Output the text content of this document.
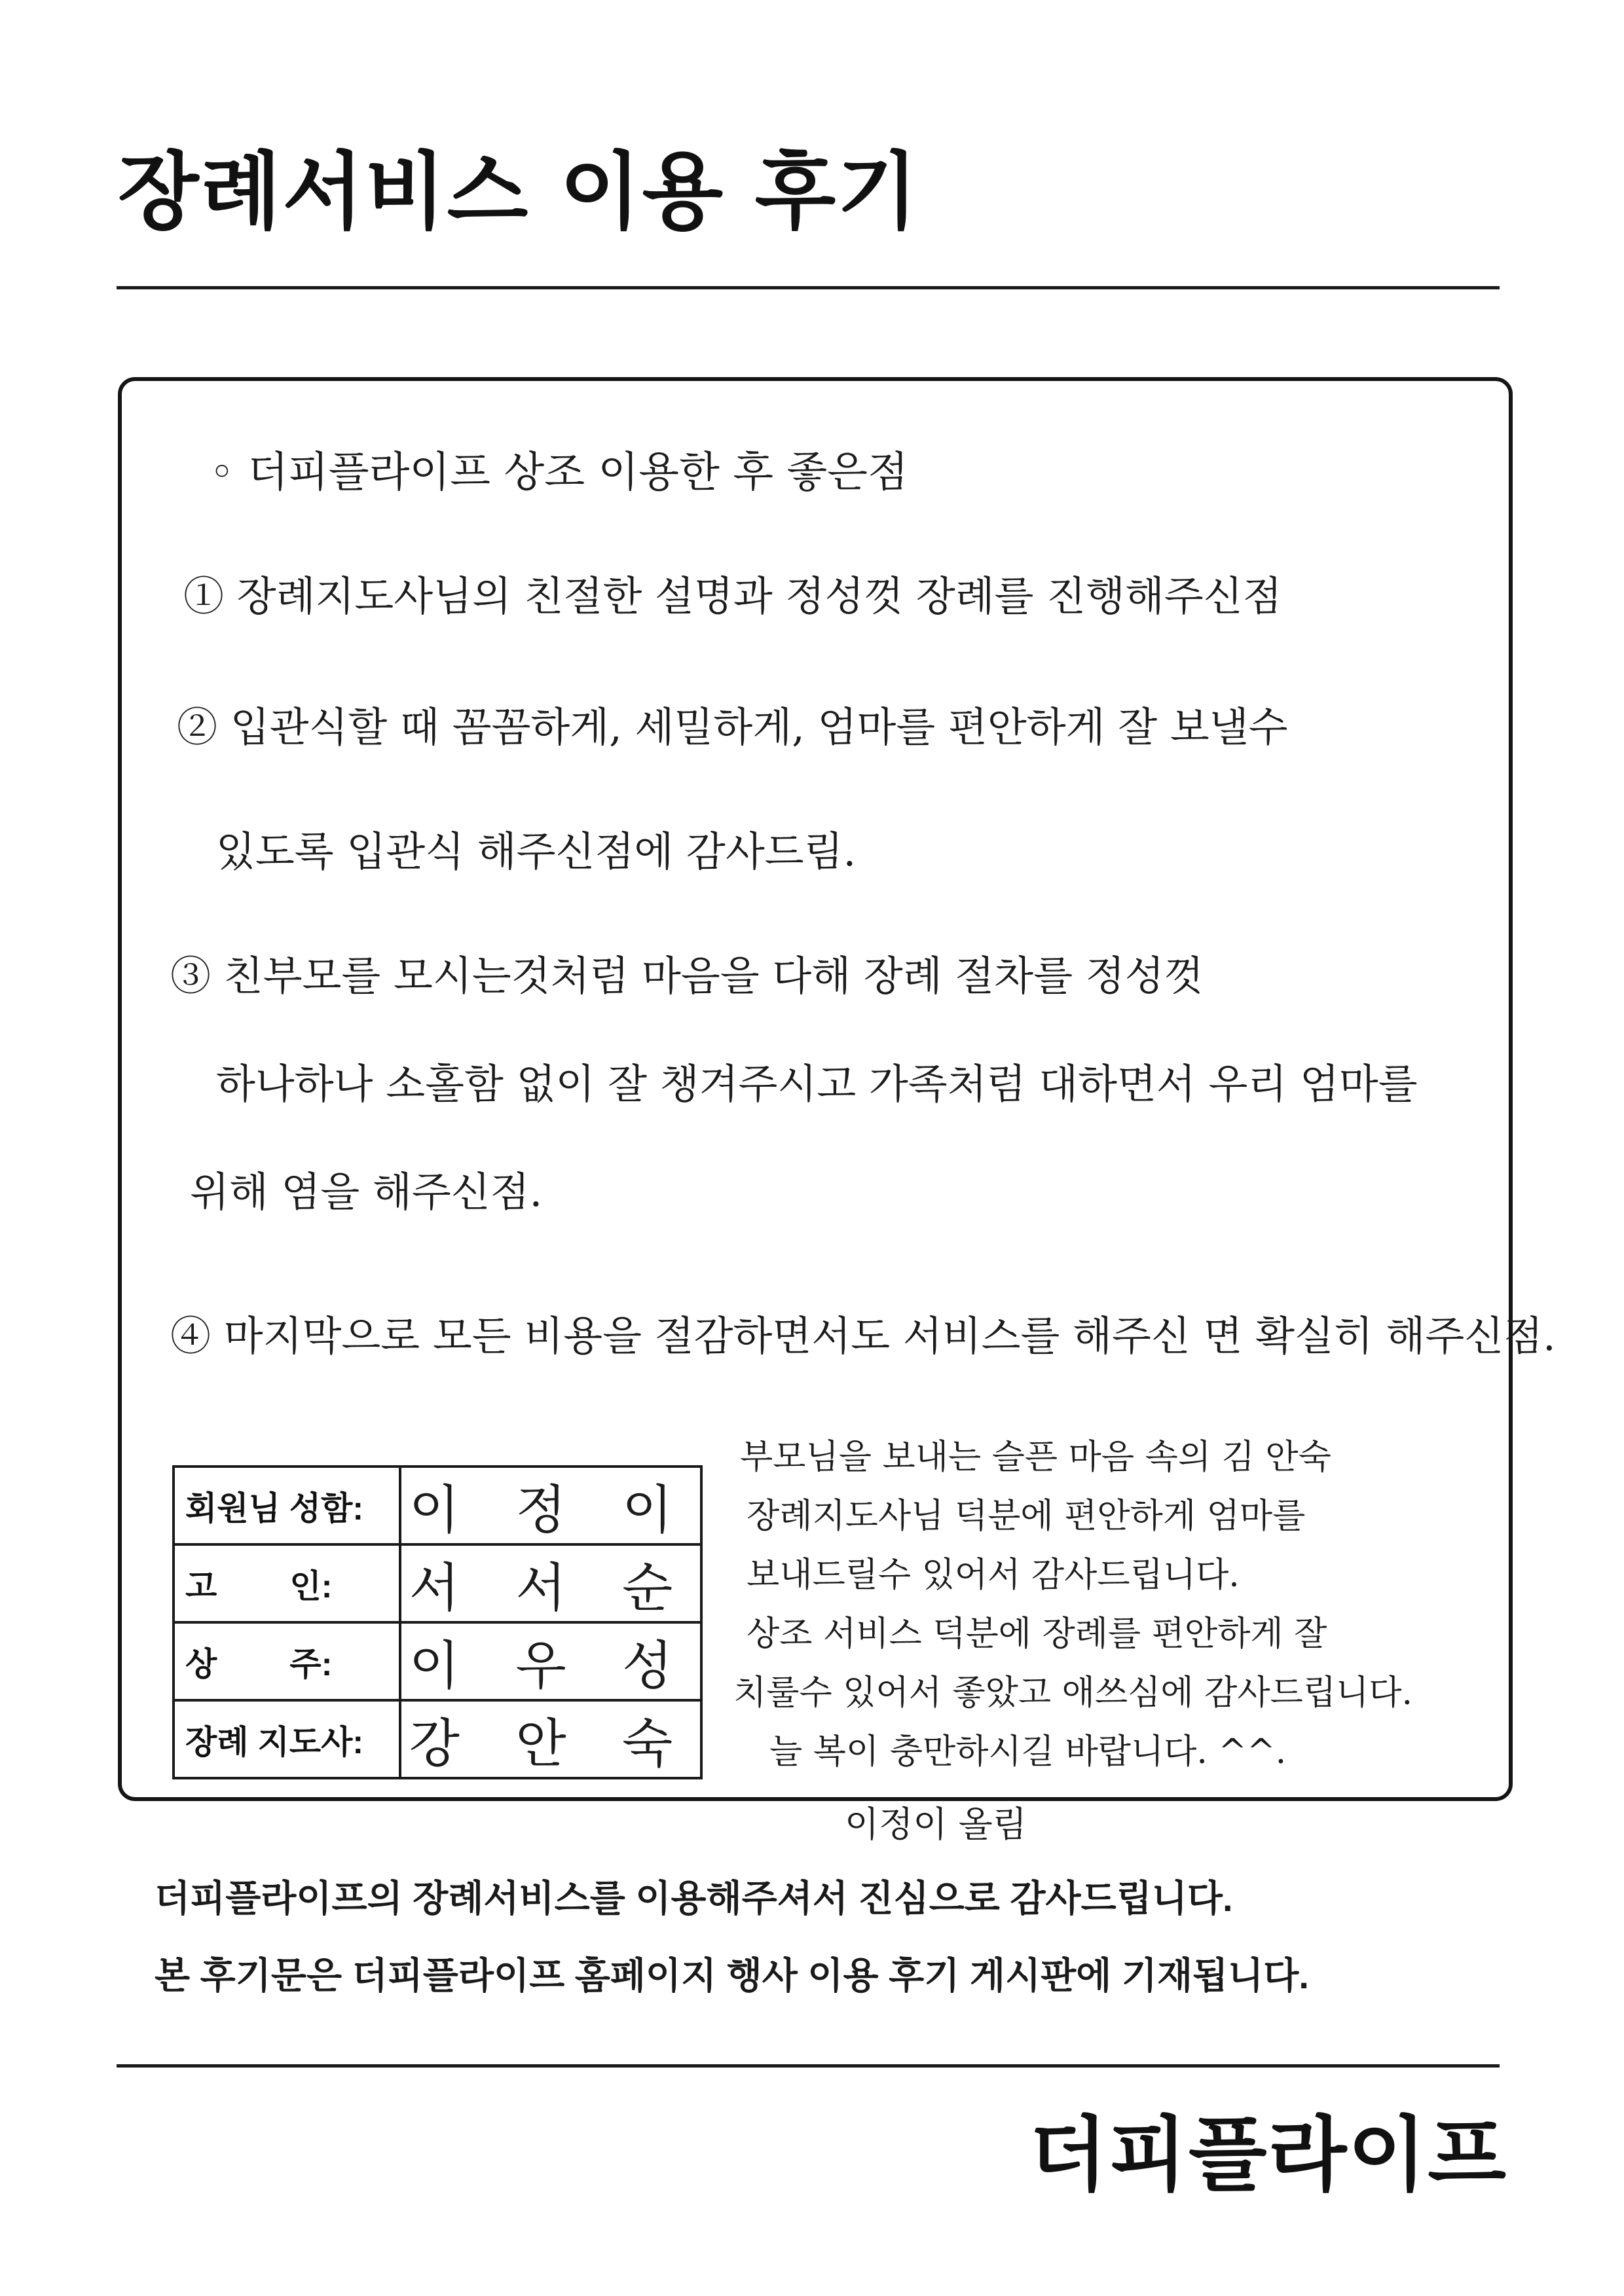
장례서비스 이용 후기
◦ 더피플라이프 상조 이용한 후 좋은점
① 장례지도사님의 친절한 설명과 정성껏 장례를 진행해주신점
② 입관식할 때 꼼꼼하게, 세밀하게, 엄마를 편안하게 잘 보낼수
있도록 입관식 해주신점에 감사드림.
③ 친부모를 모시는것처럼 마음을 다해 장례 절차를 정성껏
하나하나 소홀함 없이 잘 챙겨주시고 가족처럼 대하면서 우리 엄마를
위해 염을 해주신점.
④ 마지막으로 모든 비용을 절감하면서도 서비스를 해주신 면 확실히 해주신점.
회원님 성함:	이 정 이
고        인:	서 서 순
상        주:	이 우 성
장례 지도사:	강 안 숙
부모님을 보내는 슬픈 마음 속의 김 안숙
장례지도사님 덕분에 편안하게 엄마를
보내드릴수 있어서 감사드립니다.
상조 서비스 덕분에 장례를 편안하게 잘
치룰수 있어서 좋았고 애쓰심에 감사드립니다.
늘 복이 충만하시길 바랍니다. ^^.
이정이 올림
더피플라이프의 장례서비스를 이용해주셔서 진심으로 감사드립니다.
본 후기문은 더피플라이프 홈페이지 행사 이용 후기 게시판에 기재됩니다.
더피플라이프
